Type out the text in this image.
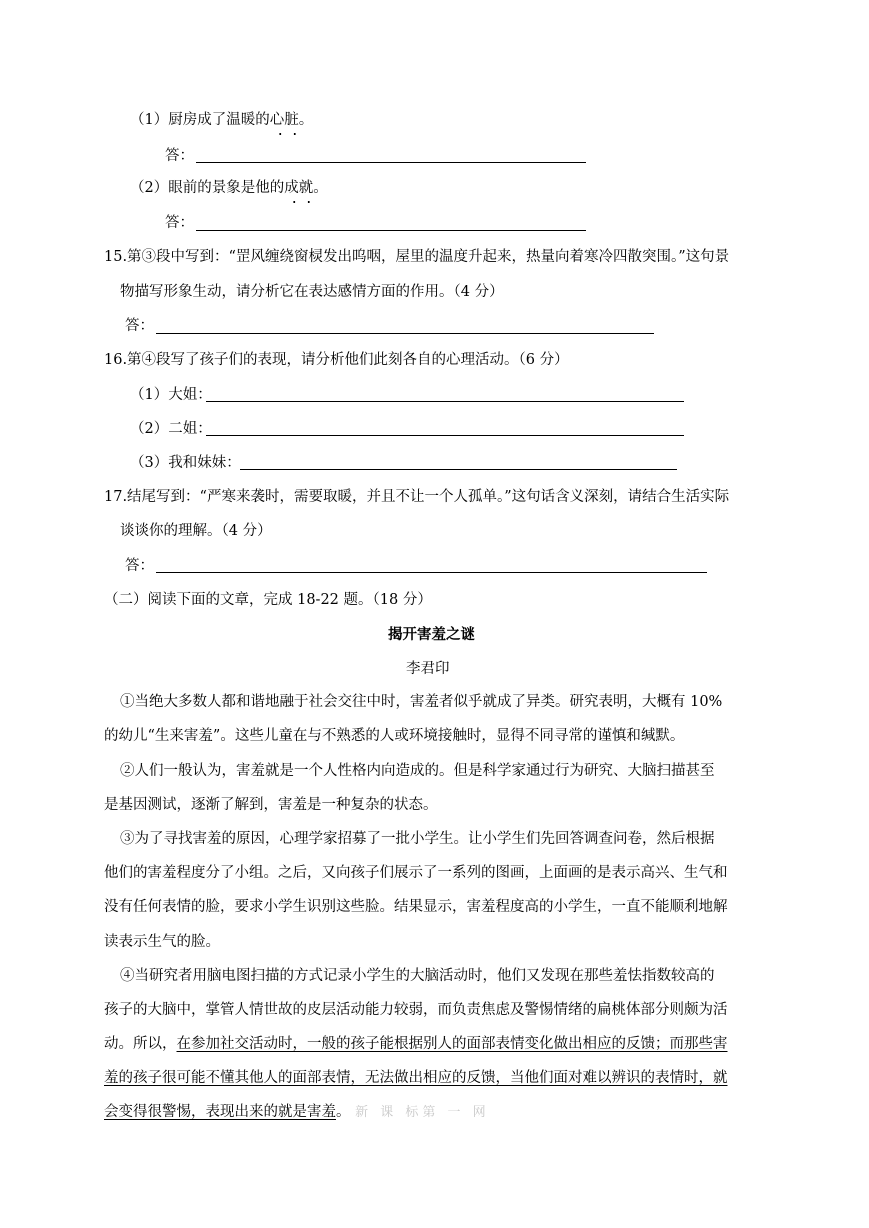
（1）厨房成了温暖的心脏。
答：
（2）眼前的景象是他的成就。
答：
15.第③段中写到：“罡风缠绕窗棂发出呜咽，屋里的温度升起来，热量向着寒冷四散突围。”这句景
物描写形象生动，请分析它在表达感情方面的作用。（4 分）
答：
16.第④段写了孩子们的表现，请分析他们此刻各自的心理活动。（6 分）
（1）大姐：
（2）二姐：
（3）我和妹妹：
17.结尾写到：“严寒来袭时，需要取暖，并且不让一个人孤单。”这句话含义深刻，请结合生活实际
谈谈你的理解。（4 分）
答：
（二）阅读下面的文章，完成 18-22 题。（18 分）
揭开害羞之谜
李君印
①当绝大多数人都和谐地融于社会交往中时，害羞者似乎就成了异类。研究表明，大概有 10%
的幼儿“生来害羞”。这些儿童在与不熟悉的人或环境接触时，显得不同寻常的谨慎和缄默。
②人们一般认为，害羞就是一个人性格内向造成的。但是科学家通过行为研究、大脑扫描甚至
是基因测试，逐渐了解到，害羞是一种复杂的状态。
③为了寻找害羞的原因，心理学家招募了一批小学生。让小学生们先回答调查问卷，然后根据
他们的害羞程度分了小组。之后，又向孩子们展示了一系列的图画，上面画的是表示高兴、生气和
没有任何表情的脸，要求小学生识别这些脸。结果显示，害羞程度高的小学生，一直不能顺利地解
读表示生气的脸。
④当研究者用脑电图扫描的方式记录小学生的大脑活动时，他们又发现在那些羞怯指数较高的
孩子的大脑中，掌管人情世故的皮层活动能力较弱，而负责焦虑及警惕情绪的扁桃体部分则颇为活
动。所以，在参加社交活动时，一般的孩子能根据别人的面部表情变化做出相应的反馈；而那些害
羞的孩子很可能不懂其他人的面部表情，无法做出相应的反馈，当他们面对难以辨识的表情时，就
会变得很警惕，表现出来的就是害羞。 新 课 标第 一 网
